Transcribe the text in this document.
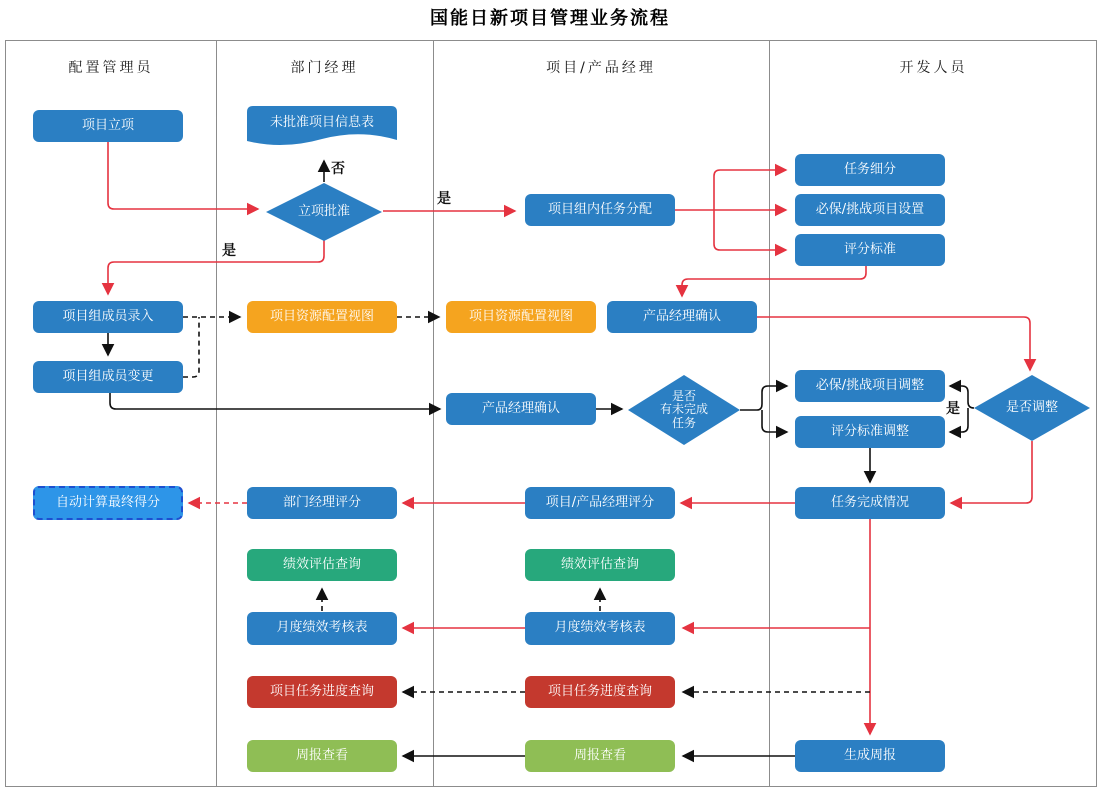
国能日新项目管理业务流程
配置管理员	部门经理	项目/产品经理	开发人员
项目立项
项目组成员录入
项目组成员变更
自动计算最终得分
未批准项目信息表
立项批准
项目资源配置视图
部门经理评分
绩效评估查询
月度绩效考核表
项目任务进度查询
周报查看
项目组内任务分配
项目资源配置视图	产品经理确认
产品经理确认
是否
有未完成
任务
项目/产品经理评分
绩效评估查询
月度绩效考核表
项目任务进度查询
周报查看
任务细分
必保/挑战项目设置
评分标准
必保/挑战项目调整
评分标准调整
是否调整
任务完成情况
生成周报
否
是
是
是
